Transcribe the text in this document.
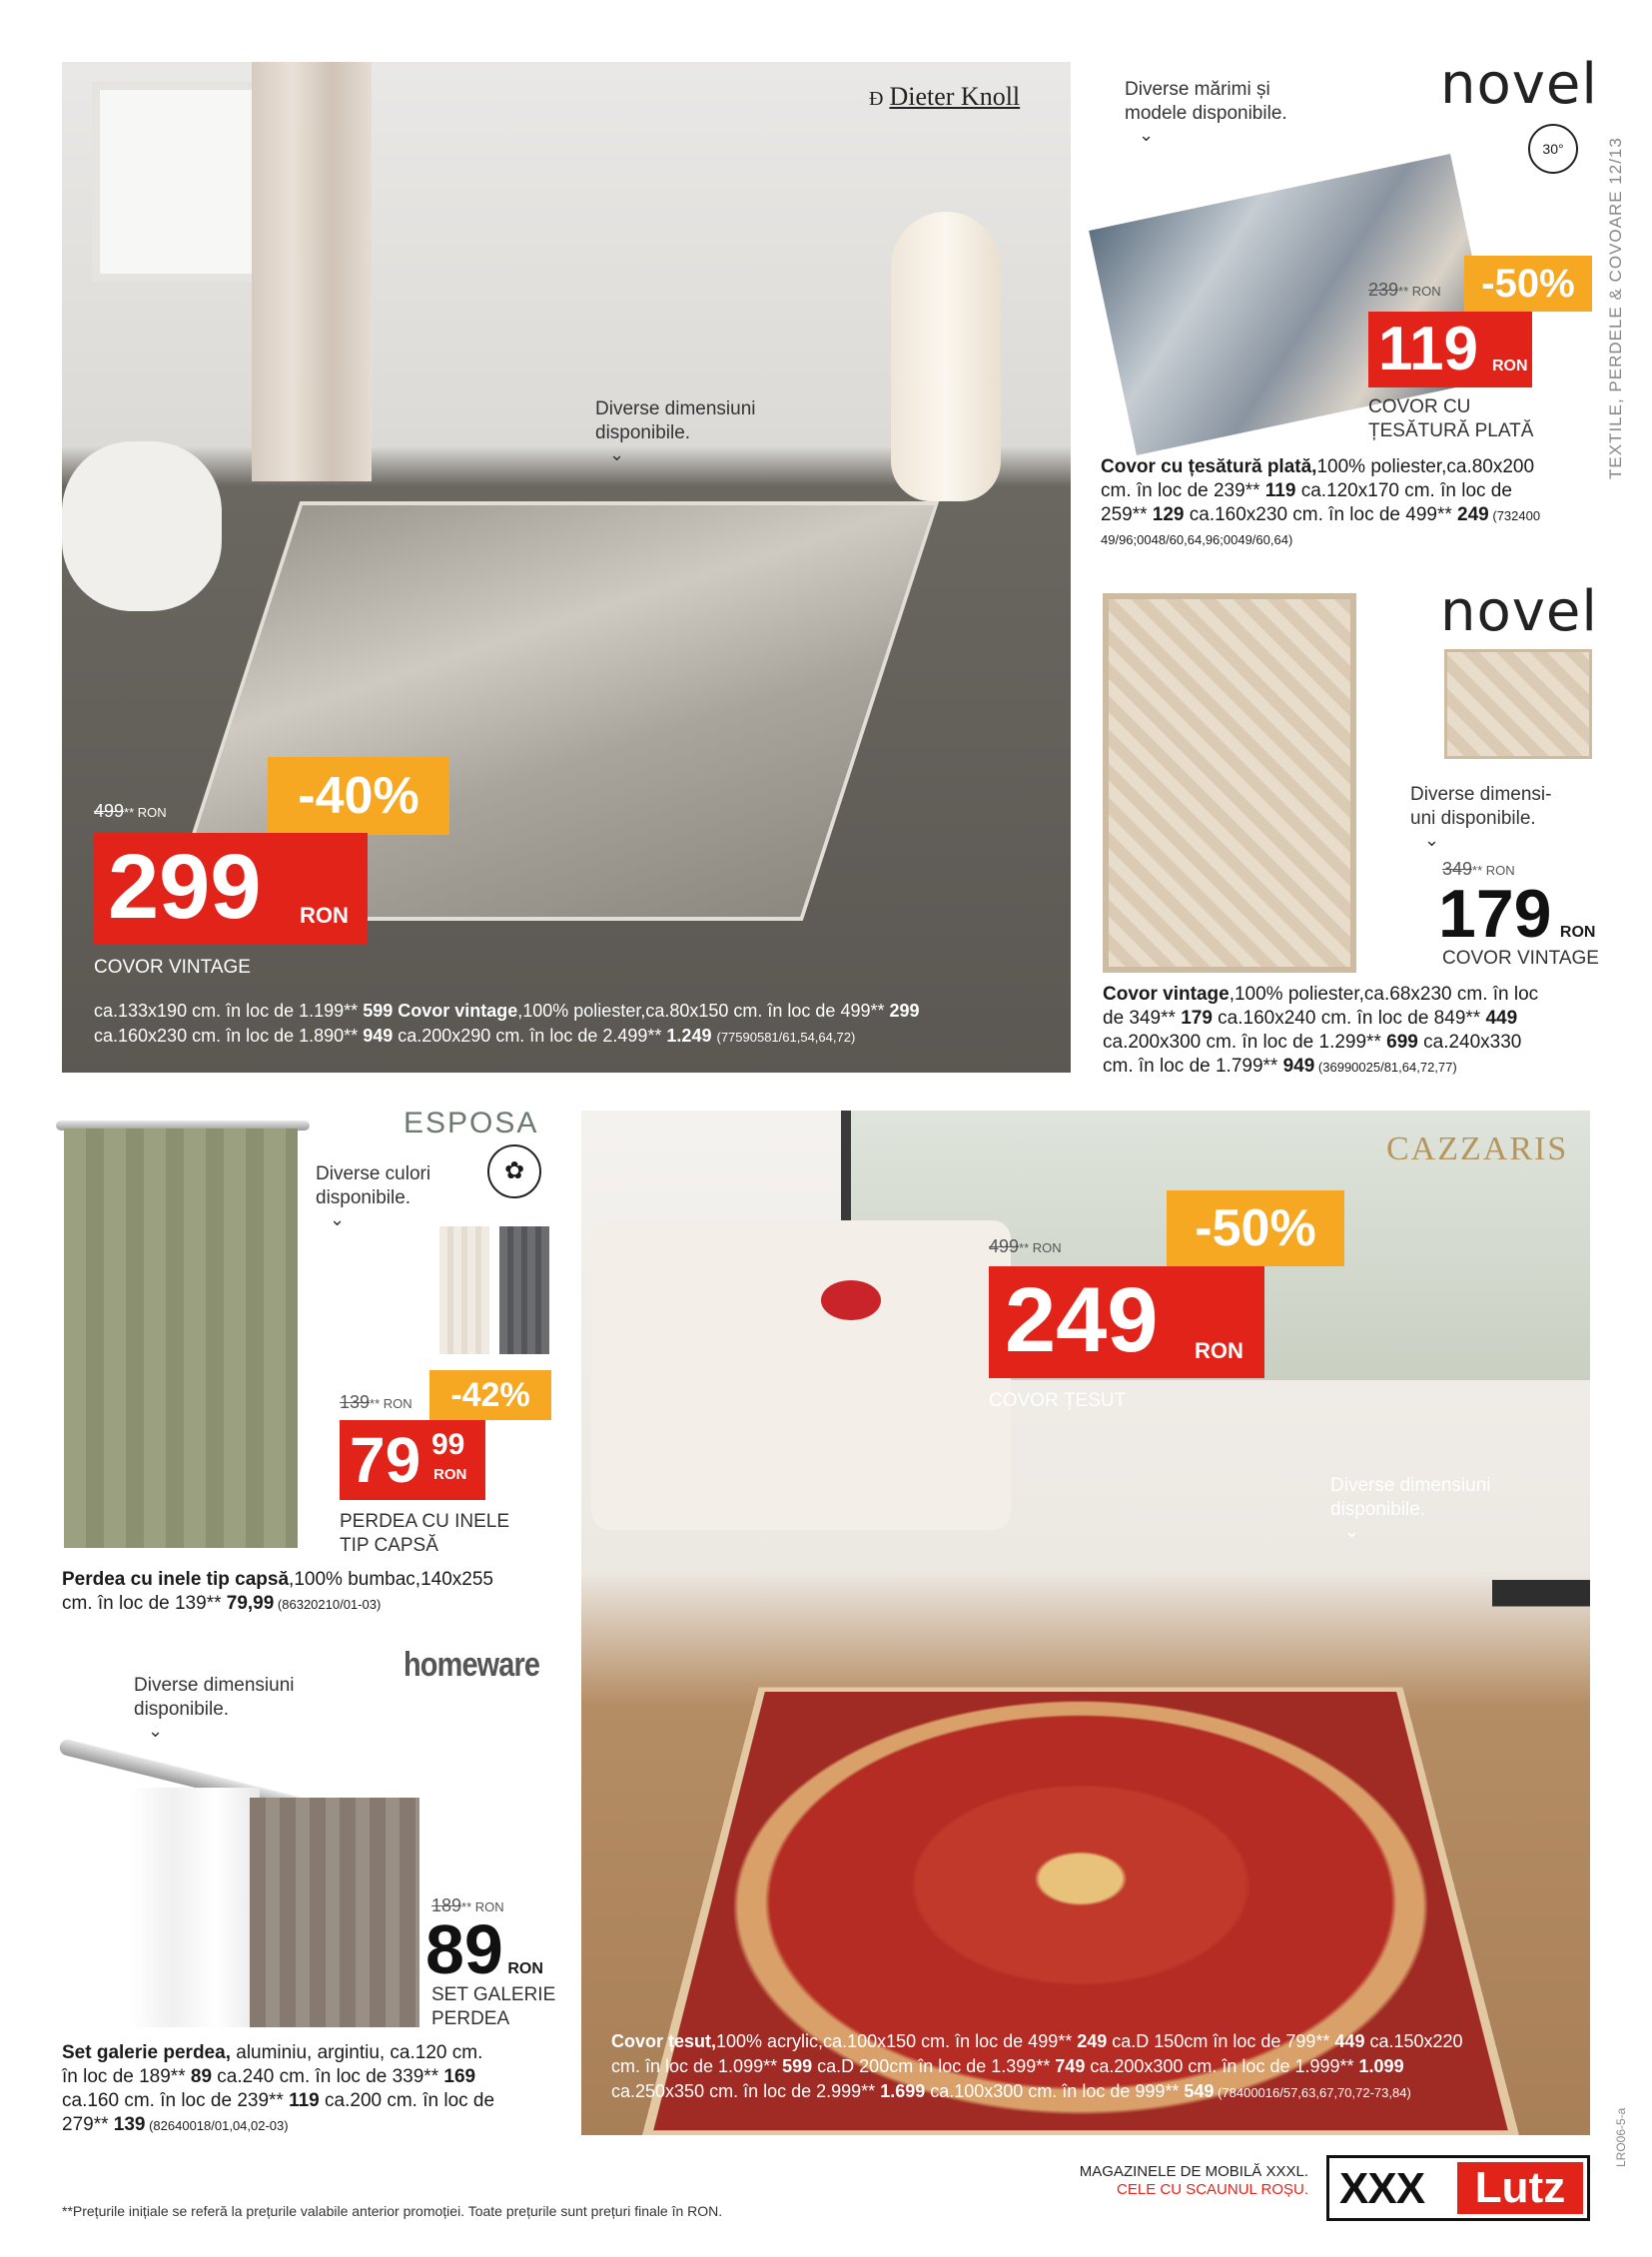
TEXTILE, PERDELE & COVOARE 12/13
Ɖ Dieter Knoll
Diverse dimensiuni disponibile.
⌄
499** RON	-40%
299 RON
COVOR VINTAGE
ca.133x190 cm. în loc de 1.199** 599 Covor vintage,100% poliester,ca.80x150 cm. în loc de 499** 299
ca.160x230 cm. în loc de 1.890** 949 ca.200x290 cm. în loc de 2.499** 1.249 (77590581/61,54,64,72)
novel
30°
Diverse mărimi și
modele disponibile.
⌄
239** RON	-50%
119 RON
COVOR CU
ȚESĂTURĂ PLATĂ
Covor cu țesătură plată,100% poliester,ca.80x200
cm. în loc de 239** 119 ca.120x170 cm. în loc de
259** 129 ca.160x230 cm. în loc de 499** 249 (732400
49/96;0048/60,64,96;0049/60,64)
novel
Diverse dimensi-
uni disponibile.
⌄
349** RON
179 RON
COVOR VINTAGE
Covor vintage,100% poliester,ca.68x230 cm. în loc
de 349** 179 ca.160x240 cm. în loc de 849** 449
ca.200x300 cm. în loc de 1.299** 699 ca.240x330
cm. în loc de 1.799** 949 (36990025/81,64,72,77)
ESPOSA
✿
Diverse culori
disponibile.
⌄
139** RON	-42%
79 99
RON
PERDEA CU INELE
TIP CAPSĂ
Perdea cu inele tip capsă,100% bumbac,140x255
cm. în loc de 139** 79,99 (86320210/01-03)
homeware
Diverse dimensiuni
disponibile.
⌄
189** RON
89 RON
SET GALERIE
PERDEA
Set galerie perdea, aluminiu, argintiu, ca.120 cm.
în loc de 189** 89 ca.240 cm. în loc de 339** 169
ca.160 cm. în loc de 239** 119 ca.200 cm. în loc de
279** 139 (82640018/01,04,02-03)
CAZZARIS
499** RON	-50%
249 RON
COVOR ȚESUT
Diverse dimensiuni
disponibile.
⌄
Covor țesut,100% acrylic,ca.100x150 cm. în loc de 499** 249 ca.D 150cm în loc de 799** 449 ca.150x220
cm. în loc de 1.099** 599 ca.D 200cm în loc de 1.399** 749 ca.200x300 cm. în loc de 1.999** 1.099
ca.250x350 cm. în loc de 2.999** 1.699 ca.100x300 cm. în loc de 999** 549 (78400016/57,63,67,70,72-73,84)
LRO06-5-a
**Prețurile inițiale se referă la prețurile valabile anterior promoției. Toate prețurile sunt prețuri finale în RON.
MAGAZINELE DE MOBILĂ XXXL.
CELE CU SCAUNUL ROȘU. XXX	Lutz
